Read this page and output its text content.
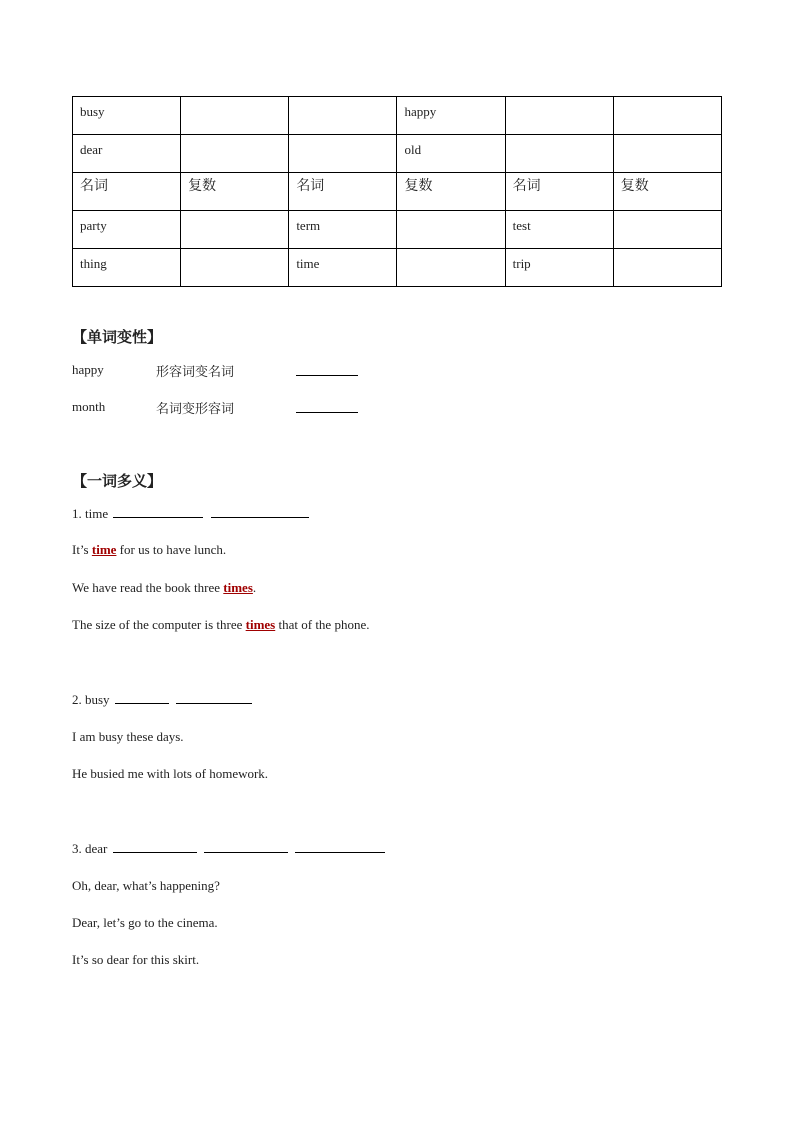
busy			happy		

dear			old		

名词	复数	名词	复数	名词	复数

party		term		test	

thing		time		trip	

【单词变性】
happy	形容词变名词
month	名词变形容词
【一词多义】
1. time
It’s time for us to have lunch.
We have read the book three times.
The size of the computer is three times that of the phone.
2. busy
I am busy these days.
He busied me with lots of homework.
3. dear
Oh, dear, what’s happening?
Dear, let’s go to the cinema.
It’s so dear for this skirt.
